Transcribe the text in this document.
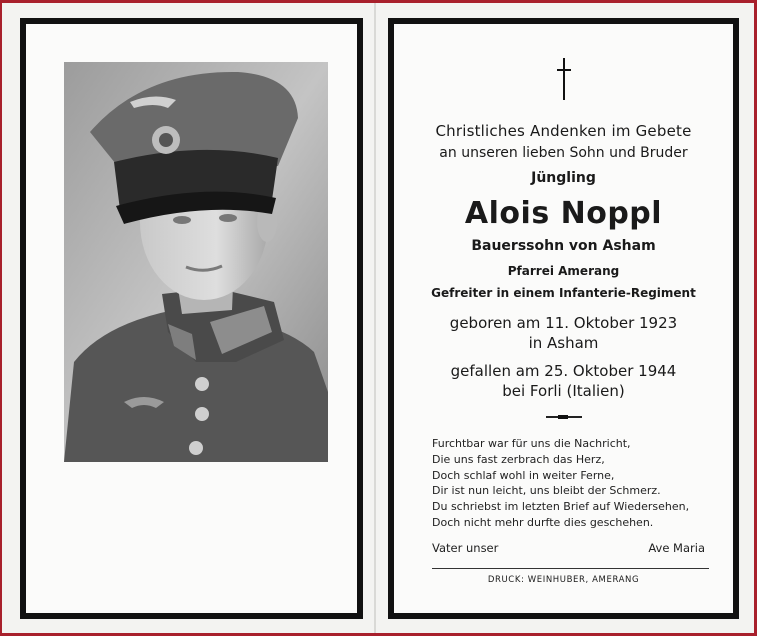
Christliches Andenken im Gebete
an unseren lieben Sohn und Bruder
Jüngling
Alois Noppl
Bauerssohn von Asham
Pfarrei Amerang
Gefreiter in einem Infanterie-Regiment
geboren am 11. Oktober 1923
in Asham
gefallen am 25. Oktober 1944
bei Forli (Italien)
Furchtbar war für uns die Nachricht,
Die uns fast zerbrach das Herz,
Doch schlaf wohl in weiter Ferne,
Dir ist nun leicht, uns bleibt der Schmerz.
Du schriebst im letzten Brief auf Wiedersehen,
Doch nicht mehr durfte dies geschehen.
Vater unser	Ave Maria
DRUCK: WEINHUBER, AMERANG
